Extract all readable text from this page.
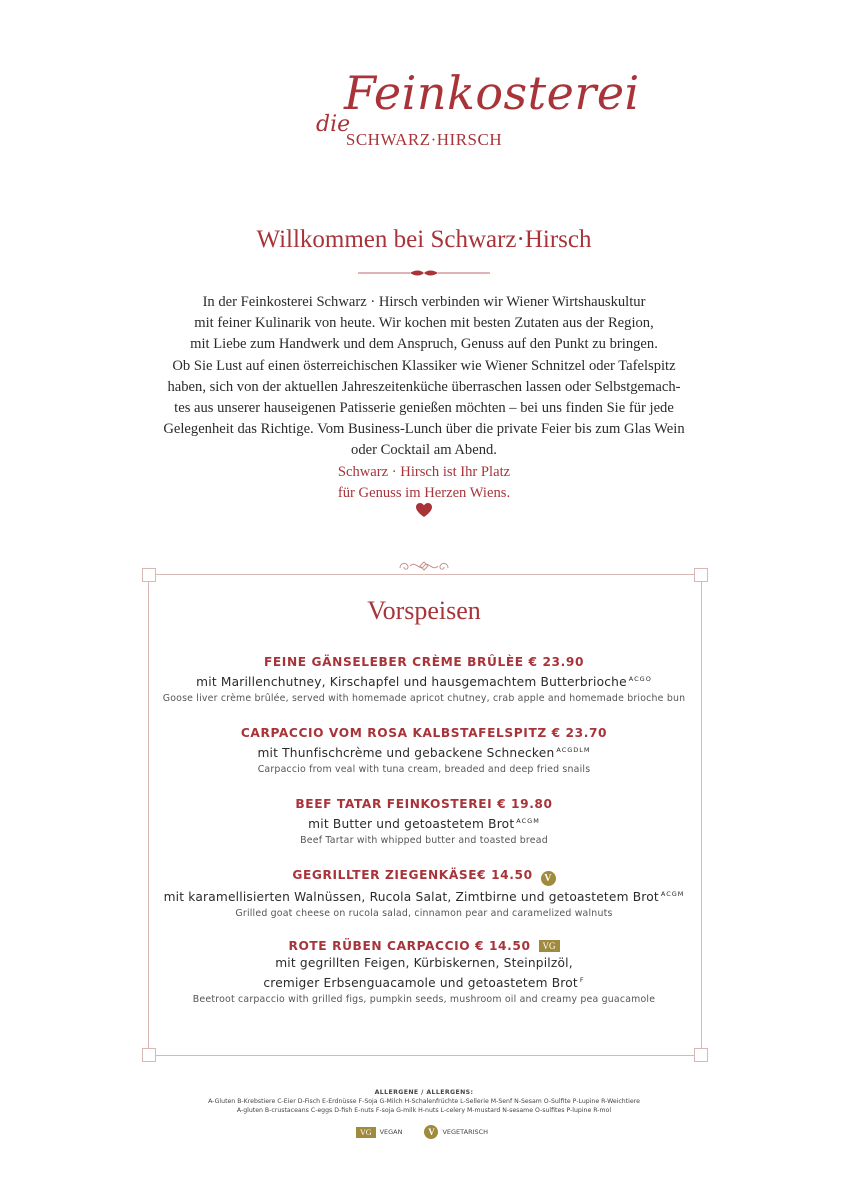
die
Feinkosterei
SCHWARZ·HIRSCH
Willkommen bei Schwarz·Hirsch

In der Feinkosterei Schwarz · Hirsch verbinden wir Wiener Wirtshauskultur

mit feiner Kulinarik von heute. Wir kochen mit besten Zutaten aus der Region,

mit Liebe zum Handwerk und dem Anspruch, Genuss auf den Punkt zu bringen.

Ob Sie Lust auf einen österreichischen Klassiker wie Wiener Schnitzel oder Tafelspitz

haben, sich von der aktuellen Jahreszeitenküche überraschen lassen oder Selbstgemach-

tes aus unserer hauseigenen Patisserie genießen möchten – bei uns finden Sie für jede

Gelegenheit das Richtige. Vom Business-Lunch über die private Feier bis zum Glas Wein

oder Cocktail am Abend.

Schwarz · Hirsch ist Ihr Platz
für Genuss im Herzen Wiens.
Vorspeisen
FEINE GÄNSELEBER CRÈME BRÛLÈE € 23.90
mit Marillenchutney, Kirschapfel und hausgemachtem Butterbrioche $^{ACGO}$
Goose liver crème brûlée, served with homemade apricot chutney, crab apple and homemade brioche bun
CARPACCIO VOM ROSA KALBSTAFELSPITZ € 23.70
mit Thunfischcrème und gebackene Schnecken $^{ACGDLM}$
Carpaccio from veal with tuna cream, breaded and deep fried snails
BEEF TATAR FEINKOSTEREI € 19.80
mit Butter und getoastetem Brot $^{ACGM}$
Beef Tartar with whipped butter and toasted bread
GEGRILLTER ZIEGENKÄSE€ 14.50 V
mit karamellisierten Walnüssen, Rucola Salat, Zimtbirne und getoastetem Brot $^{ACGM}$
Grilled goat cheese on rucola salad, cinnamon pear and caramelized walnuts
ROTE RÜBEN CARPACCIO € 14.50 VG
mit gegrillten Feigen, Kürbiskernen, Steinpilzöl,
cremiger Erbsenguacamole und getoastetem Brot $^F$
Beetroot carpaccio with grilled figs, pumpkin seeds, mushroom oil and creamy pea guacamole
ALLERGENE / ALLERGENS:
A-Gluten B-Krebstiere C-Eier D-Fisch E-Erdnüsse F-Soja G-Milch H-Schalenfrüchte L-Sellerie M-Senf N-Sesam O-Sulfite P-Lupine R-Weichtiere
A-gluten B-crustaceans C-eggs D-fish E-nuts F-soja G-milk H-nuts L-celery M-mustard N-sesame O-sulfites P-lupine R-mol
VG	VEGAN	V	VEGETARISCH
